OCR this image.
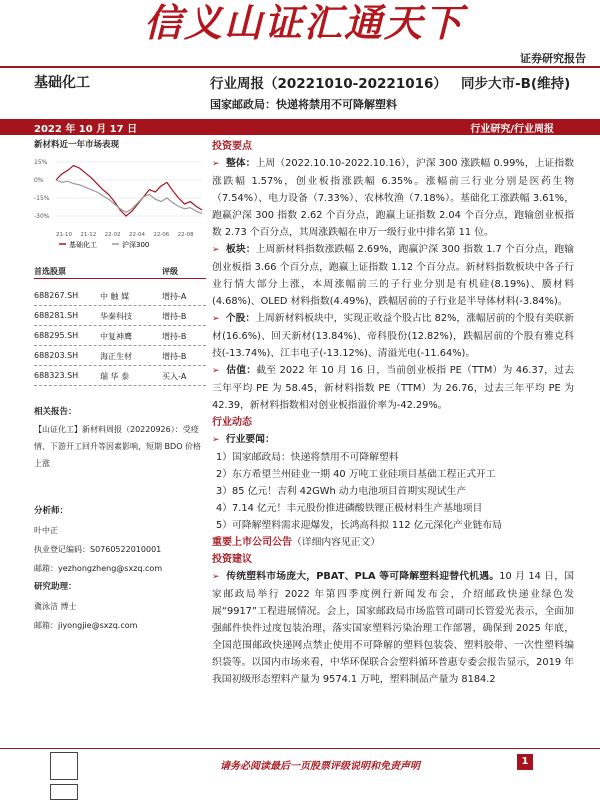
信义山证汇通天下
证券研究报告
基础化工	行业周报（20221010-20221016） 同步大市-B(维持)
国家邮政局：快递将禁用不可降解塑料
2022 年 10 月 17 日	行业研究/行业周报
新材料近一年市场表现
15%
0%
-15%
-30%
21-10 21-12 22-02 22-04 22-06 22-08
基础化工	沪深300
首选股票	评级
688267.SH	中 触 媒	增持-A
688281.SH	华秦科技	增持-B
688295.SH	中复神鹰	增持-B
688203.SH	海正生材	增持-B
688323.SH	瑞 华 泰	买入-A
相关报告：
【山证化工】新材料周报（20220926）：受疫情、下游开工回升等因素影响，短期 BDO 价格上涨
分析师：
叶中正
执业登记编码：S0760522010001
邮箱：yezhongzheng@sxzq.com
研究助理：
冀泳洁 博士
邮箱：jiyongjie@sxzq.com
投资要点

➢ 整体：上周（2022.10.10-2022.10.16），沪深 300 涨跌幅 0.99%，上证指数涨跌幅 1.57%，创业板指涨跌幅 6.35%。涨幅前三行业分别是医药生物（7.54%）、电力设备（7.33%）、农林牧渔（7.18%）。基础化工涨跌幅 3.61%，跑赢沪深 300 指数 2.62 个百分点，跑赢上证指数 2.04 个百分点，跑输创业板指数 2.73 个百分点，其周涨跌幅在申万一级行业中排名第 11 位。

➢ 板块：上周新材料指数涨跌幅 2.69%，跑赢沪深 300 指数 1.7 个百分点，跑输创业板指 3.66 个百分点，跑赢上证指数 1.12 个百分点。新材料指数板块中各子行业行情大部分上涨，本周涨幅前三的子行业分别是有机硅(8.19%)、膜材料(4.68%)、OLED 材料指数(4.49%)，跌幅居前的子行业是半导体材料(-3.84%)。

➢ 个股：上周新材料板块中，实现正收益个股占比 82%，涨幅居前的个股有美联新材(16.6%)、回天新材(13.84%)、帝科股份(12.82%)，跌幅居前的个股有雅克科技(-13.74%)、江丰电子(-13.12%)、清溢光电(-11.64%)。

➢ 估值：截至 2022 年 10 月 16 日，当前创业板指 PE（TTM）为 46.37，过去三年平均 PE 为 58.45，新材料指数 PE（TTM）为 26.76，过去三年平均 PE 为 42.39，新材料指数相对创业板指溢价率为-42.29%。

行业动态

➢ 行业要闻：

1）国家邮政局：快递将禁用不可降解塑料
2）东方希望兰州硅业一期 40 万吨工业硅项目基础工程正式开工
3）85 亿元！吉利 42GWh 动力电池项目首期实现试生产
4）7.14 亿元！丰元股份推进磷酸铁锂正极材料生产基地项目
5）可降解塑料需求迎爆发，长鸿高科拟 112 亿元深化产业链布局
重要上市公司公告（详细内容见正文）
投资建议

➢ 传统塑料市场庞大，PBAT、PLA 等可降解塑料迎替代机遇。10 月 14 日，国家邮政局举行 2022 年第四季度例行新闻发布会，介绍邮政快递业绿色发展“9917”工程进展情况。会上，国家邮政局市场监管司副司长管爱光表示，全面加强邮件快件过度包装治理，落实国家塑料污染治理工作部署，确保到 2025 年底，全国范围邮政快递网点禁止使用不可降解的塑料包装袋、塑料胶带、一次性塑料编织袋等。以国内市场来看，中华环保联合会塑料循环普惠专委会报告显示，2019 年我国初级形态塑料产量为 9574.1 万吨，塑料制品产量为 8184.2

请务必阅读最后一页股票评级说明和免责声明	1
